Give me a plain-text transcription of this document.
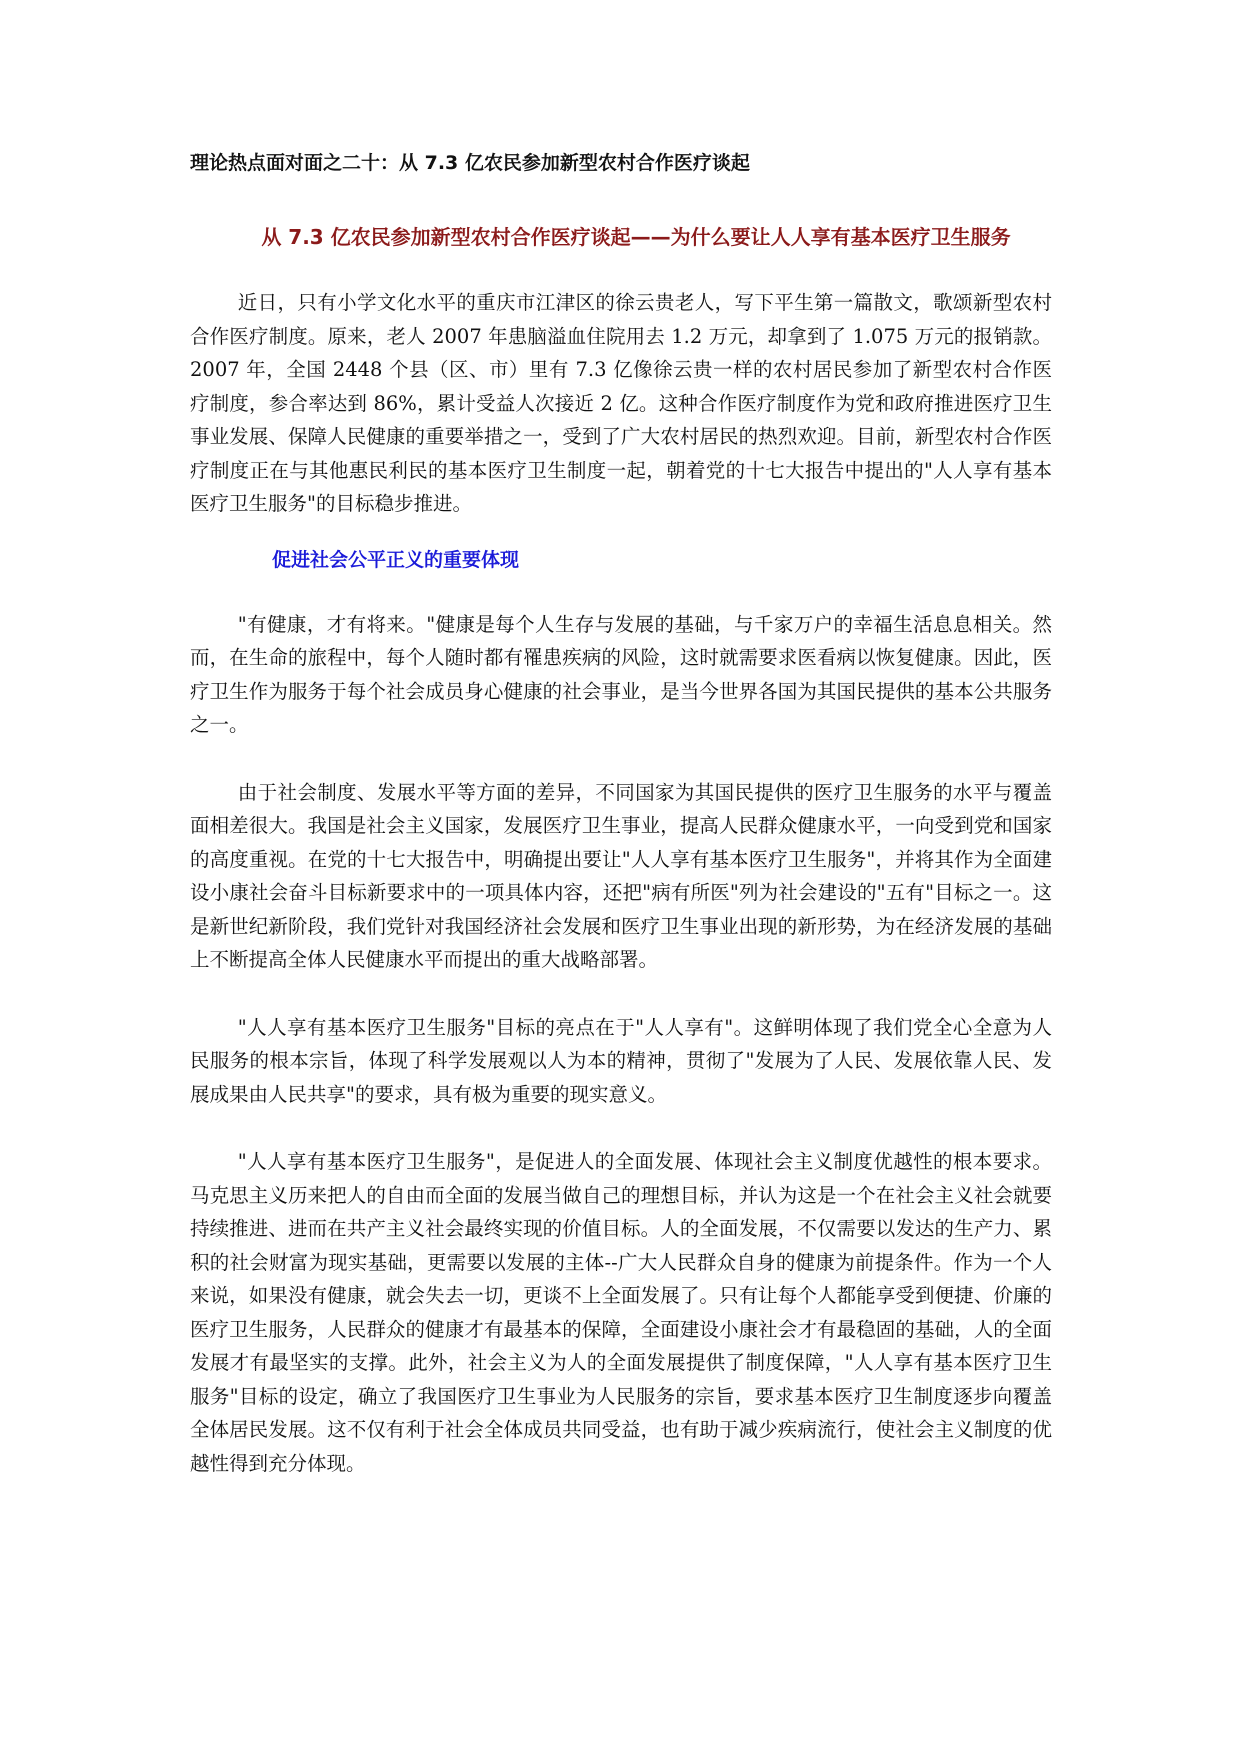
理论热点面对面之二十：从 7.3 亿农民参加新型农村合作医疗谈起
从 7.3 亿农民参加新型农村合作医疗谈起——为什么要让人人享有基本医疗卫生服务

近日，只有小学文化水平的重庆市江津区的徐云贵老人，写下平生第一篇散文，歌颂新型农村合作医疗制度。原来，老人 2007 年患脑溢血住院用去 1.2 万元，却拿到了 1.075 万元的报销款。2007 年，全国 2448 个县（区、市）里有 7.3 亿像徐云贵一样的农村居民参加了新型农村合作医疗制度，参合率达到 86%，累计受益人次接近 2 亿。这种合作医疗制度作为党和政府推进医疗卫生事业发展、保障人民健康的重要举措之一，受到了广大农村居民的热烈欢迎。目前，新型农村合作医疗制度正在与其他惠民利民的基本医疗卫生制度一起，朝着党的十七大报告中提出的"人人享有基本医疗卫生服务"的目标稳步推进。

促进社会公平正义的重要体现

"有健康，才有将来。"健康是每个人生存与发展的基础，与千家万户的幸福生活息息相关。然而，在生命的旅程中，每个人随时都有罹患疾病的风险，这时就需要求医看病以恢复健康。因此，医疗卫生作为服务于每个社会成员身心健康的社会事业，是当今世界各国为其国民提供的基本公共服务之一。

由于社会制度、发展水平等方面的差异，不同国家为其国民提供的医疗卫生服务的水平与覆盖面相差很大。我国是社会主义国家，发展医疗卫生事业，提高人民群众健康水平，一向受到党和国家的高度重视。在党的十七大报告中，明确提出要让"人人享有基本医疗卫生服务"，并将其作为全面建设小康社会奋斗目标新要求中的一项具体内容，还把"病有所医"列为社会建设的"五有"目标之一。这是新世纪新阶段，我们党针对我国经济社会发展和医疗卫生事业出现的新形势，为在经济发展的基础上不断提高全体人民健康水平而提出的重大战略部署。

"人人享有基本医疗卫生服务"目标的亮点在于"人人享有"。这鲜明体现了我们党全心全意为人民服务的根本宗旨，体现了科学发展观以人为本的精神，贯彻了"发展为了人民、发展依靠人民、发展成果由人民共享"的要求，具有极为重要的现实意义。

"人人享有基本医疗卫生服务"，是促进人的全面发展、体现社会主义制度优越性的根本要求。马克思主义历来把人的自由而全面的发展当做自己的理想目标，并认为这是一个在社会主义社会就要持续推进、进而在共产主义社会最终实现的价值目标。人的全面发展，不仅需要以发达的生产力、累积的社会财富为现实基础，更需要以发展的主体--广大人民群众自身的健康为前提条件。作为一个人来说，如果没有健康，就会失去一切，更谈不上全面发展了。只有让每个人都能享受到便捷、价廉的医疗卫生服务，人民群众的健康才有最基本的保障，全面建设小康社会才有最稳固的基础，人的全面发展才有最坚实的支撑。此外，社会主义为人的全面发展提供了制度保障，"人人享有基本医疗卫生服务"目标的设定，确立了我国医疗卫生事业为人民服务的宗旨，要求基本医疗卫生制度逐步向覆盖全体居民发展。这不仅有利于社会全体成员共同受益，也有助于减少疾病流行，使社会主义制度的优越性得到充分体现。
